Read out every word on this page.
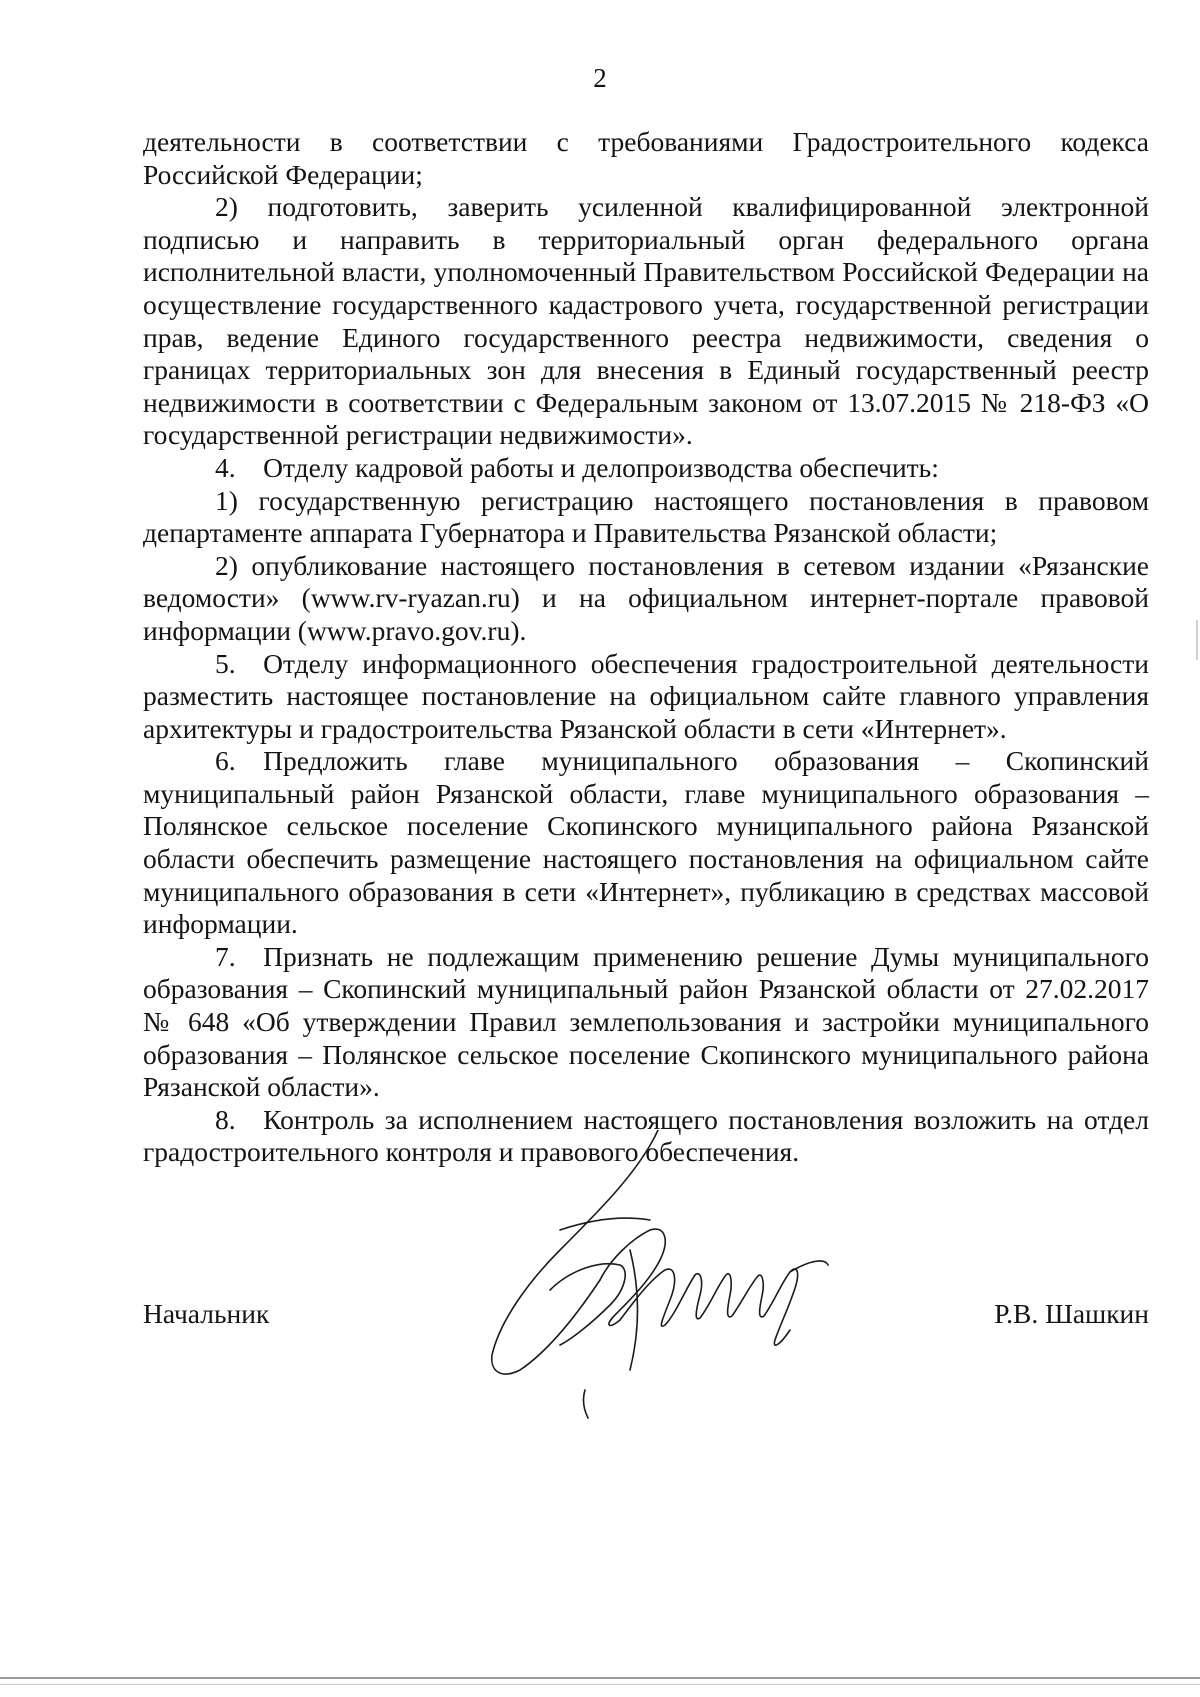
2

деятельности в соответствии с требованиями Градостроительного кодекса Российской Федерации;

2) подготовить, заверить усиленной квалифицированной электронной подписью и направить в территориальный орган федерального органа исполнительной власти, уполномоченный Правительством Российской Федерации на осуществление государственного кадастрового учета, государственной регистрации прав, ведение Единого государственного реестра недвижимости, сведения о границах территориальных зон для внесения в Единый государственный реестр недвижимости в соответствии с Федеральным законом от 13.07.2015 № 218-ФЗ «О государственной регистрации недвижимости».

4. Отделу кадровой работы и делопроизводства обеспечить:

1) государственную регистрацию настоящего постановления в правовом департаменте аппарата Губернатора и Правительства Рязанской области;

2) опубликование настоящего постановления в сетевом издании «Рязанские ведомости» (www.rv-ryazan.ru) и на официальном интернет-портале правовой информации (www.pravo.gov.ru).

5. Отделу информационного обеспечения градостроительной деятельности разместить настоящее постановление на официальном сайте главного управления архитектуры и градостроительства Рязанской области в сети «Интернет».

6. Предложить главе муниципального образования – Скопинский муниципальный район Рязанской области, главе муниципального образования – Полянское сельское поселение Скопинского муниципального района Рязанской области обеспечить размещение настоящего постановления на официальном сайте муниципального образования в сети «Интернет», публикацию в средствах массовой информации.

7. Признать не подлежащим применению решение Думы муниципального образования – Скопинский муниципальный район Рязанской области от 27.02.2017 № 648 «Об утверждении Правил землепользования и застройки муниципального образования – Полянское сельское поселение Скопинского муниципального района Рязанской области».

8. Контроль за исполнением настоящего постановления возложить на отдел градостроительного контроля и правового обеспечения.

Начальник	Р.В. Шашкин
